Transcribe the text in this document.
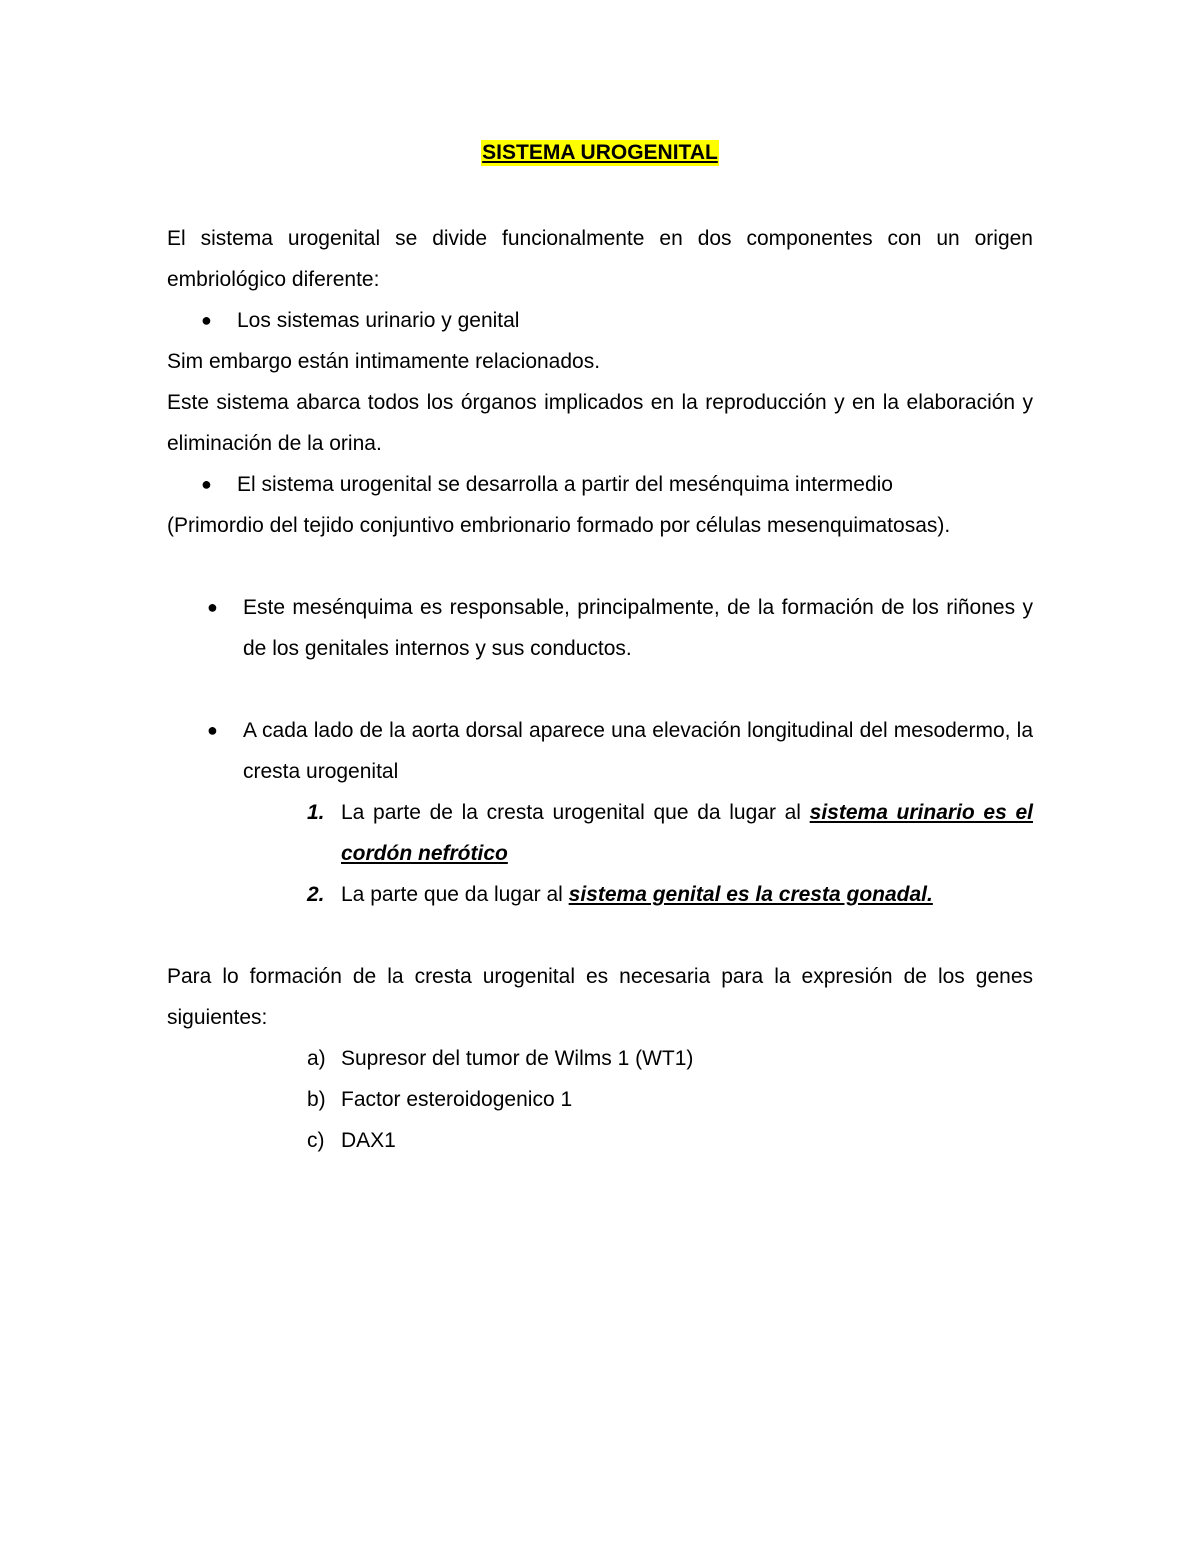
SISTEMA UROGENITAL

El sistema urogenital se divide funcionalmente en dos componentes con un origen embriológico diferente:

● Los sistemas urinario y genital

Sim embargo están intimamente relacionados.

Este sistema abarca todos los órganos implicados en la reproducción y en la elaboración y eliminación de la orina.

● El sistema urogenital se desarrolla a partir del mesénquima intermedio

(Primordio del tejido conjuntivo embrionario formado por células mesenquimatosas).

● Este mesénquima es responsable, principalmente, de la formación de los riñones y de los genitales internos y sus conductos.
● A cada lado de la aorta dorsal aparece una elevación longitudinal del mesodermo, la cresta urogenital
1. La parte de la cresta urogenital que da lugar al sistema urinario es el cordón nefrótico
2. La parte que da lugar al sistema genital es la cresta gonadal.

Para lo formación de la cresta urogenital es necesaria para la expresión de los genes siguientes:

a) Supresor del tumor de Wilms 1 (WT1)
b) Factor esteroidogenico 1
c) DAX1
